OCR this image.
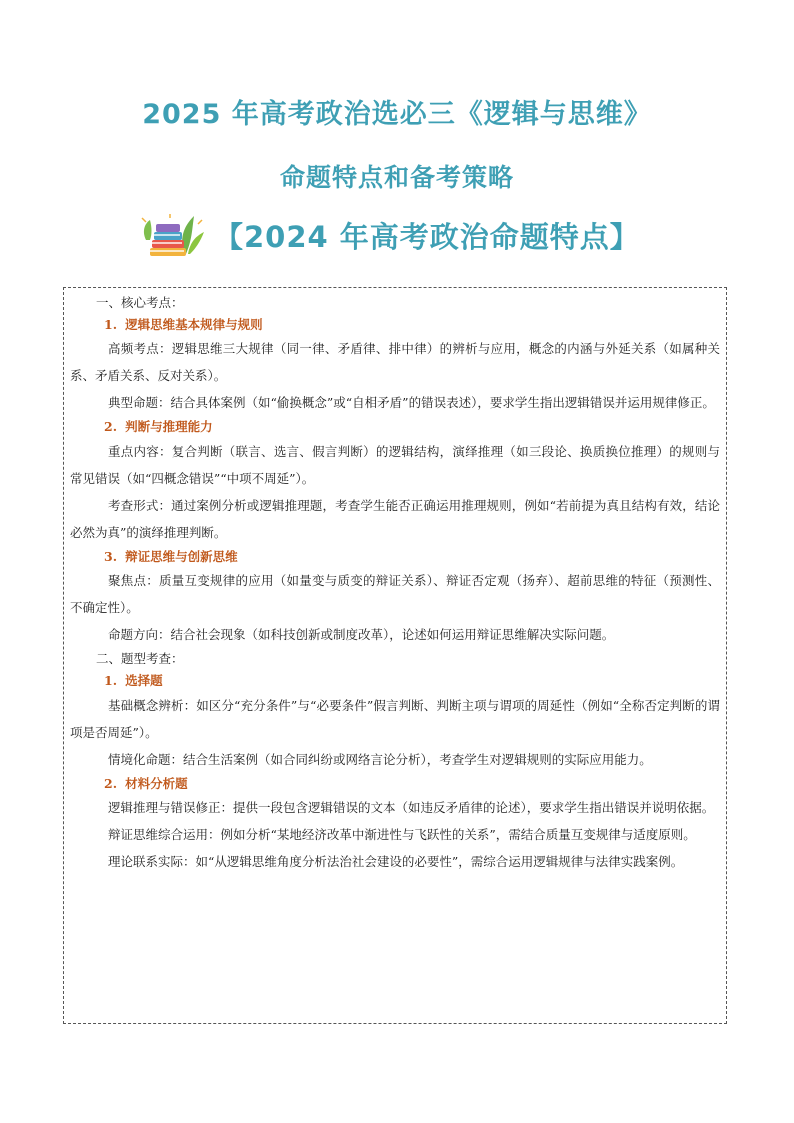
2025 年高考政治选必三《逻辑与思维》
命题特点和备考策略
【2024 年高考政治命题特点】

一、核心考点：

1. 逻辑思维基本规律与规则

高频考点：逻辑思维三大规律（同一律、矛盾律、排中律）的辨析与应用，概念的内涵与外延关系（如属种关系、矛盾关系、反对关系）。

典型命题：结合具体案例（如“偷换概念”或“自相矛盾”的错误表述），要求学生指出逻辑错误并运用规律修正。

2. 判断与推理能力

重点内容：复合判断（联言、选言、假言判断）的逻辑结构，演绎推理（如三段论、换质换位推理）的规则与常见错误（如“四概念错误”“中项不周延”）。

考查形式：通过案例分析或逻辑推理题，考查学生能否正确运用推理规则，例如“若前提为真且结构有效，结论必然为真”的演绎推理判断。

3. 辩证思维与创新思维

聚焦点：质量互变规律的应用（如量变与质变的辩证关系）、辩证否定观（扬弃）、超前思维的特征（预测性、不确定性）。

命题方向：结合社会现象（如科技创新或制度改革），论述如何运用辩证思维解决实际问题。

二、题型考查：

1. 选择题

基础概念辨析：如区分“充分条件”与“必要条件”假言判断、判断主项与谓项的周延性（例如“全称否定判断的谓项是否周延”）。

情境化命题：结合生活案例（如合同纠纷或网络言论分析），考查学生对逻辑规则的实际应用能力。

2. 材料分析题

逻辑推理与错误修正：提供一段包含逻辑错误的文本（如违反矛盾律的论述），要求学生指出错误并说明依据。

辩证思维综合运用：例如分析“某地经济改革中渐进性与飞跃性的关系”，需结合质量互变规律与适度原则。

理论联系实际：如“从逻辑思维角度分析法治社会建设的必要性”，需综合运用逻辑规律与法律实践案例。
